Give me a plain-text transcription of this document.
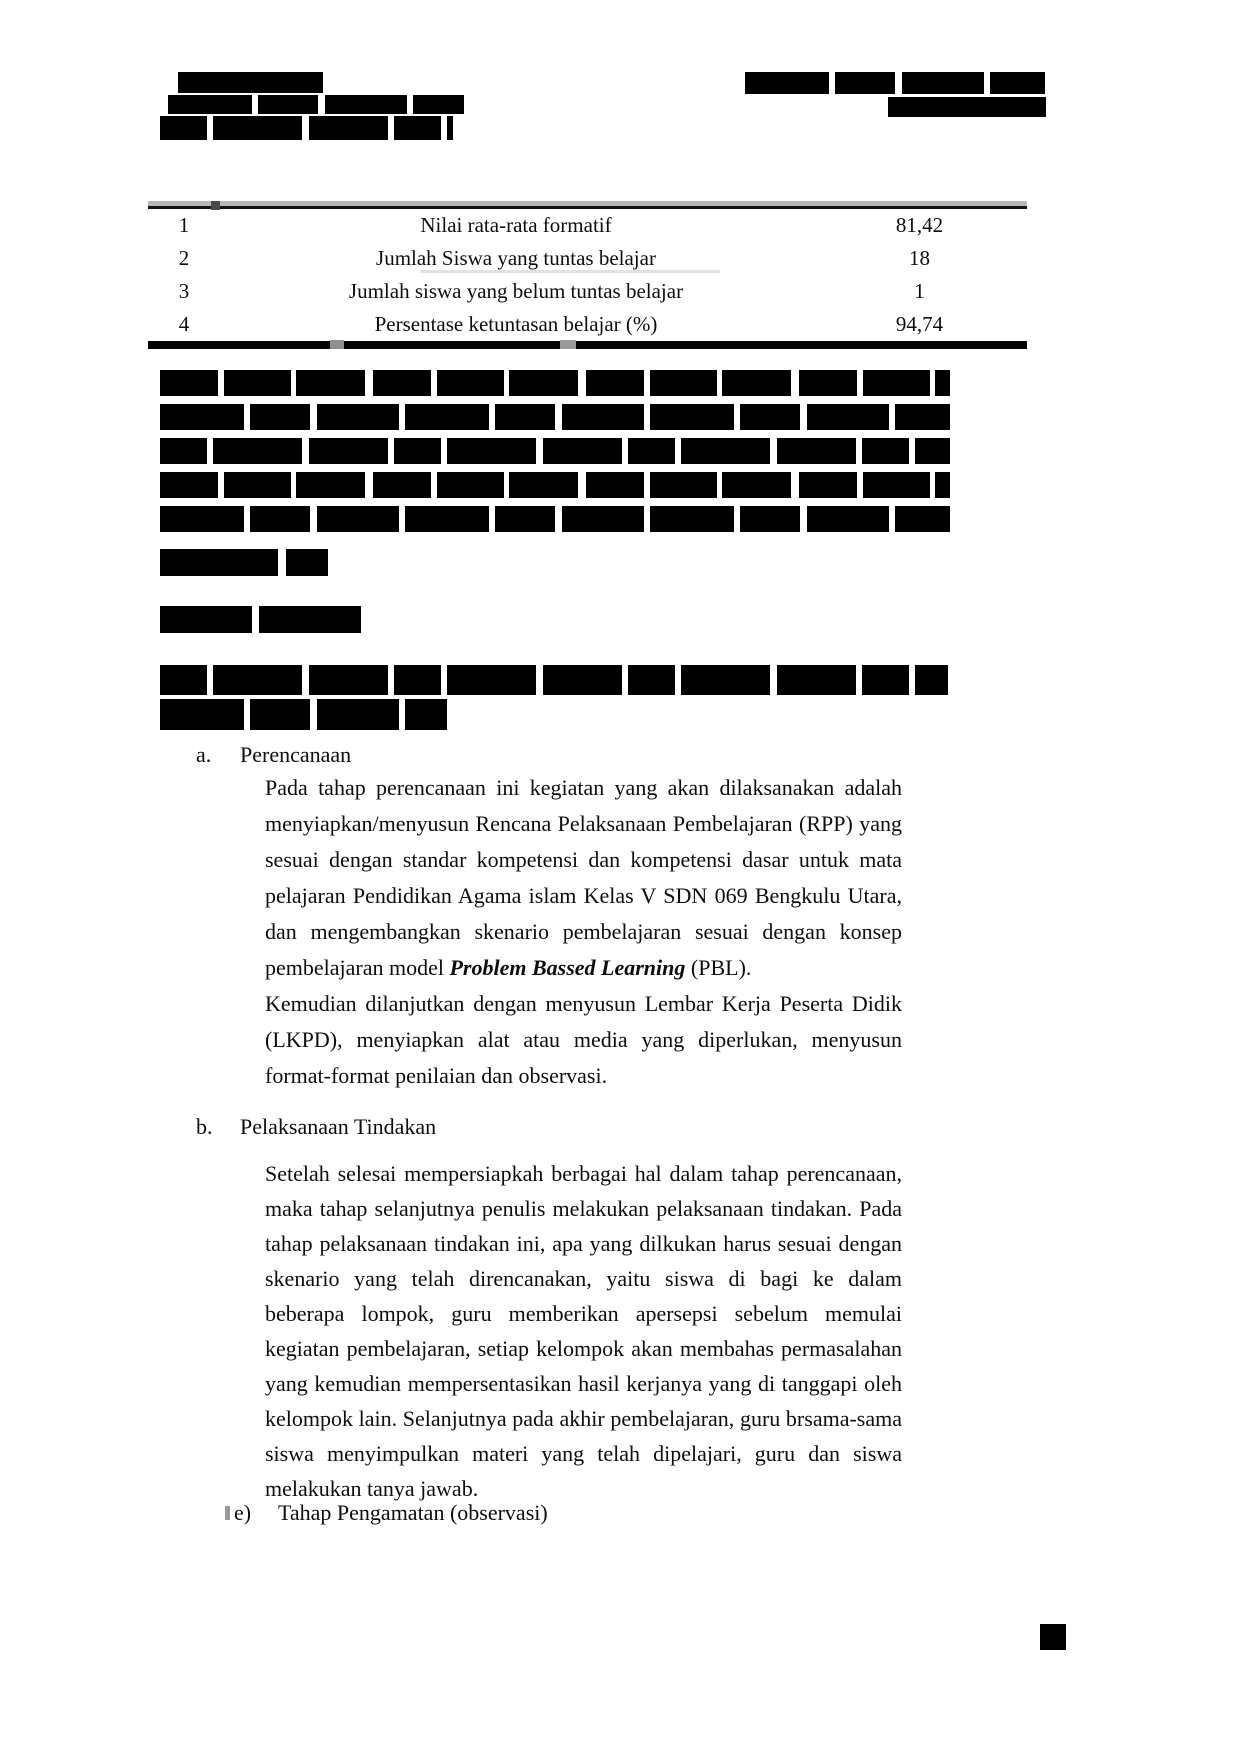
1	Nilai rata-rata formatif	81,42
2	Jumlah Siswa yang tuntas belajar	18
3	Jumlah siswa yang belum tuntas belajar	1
4	Persentase ketuntasan belajar (%)	94,74
a. Perencanaan

Pada tahap perencanaan ini kegiatan yang akan dilaksanakan adalah menyiapkan/menyusun Rencana Pelaksanaan Pembelajaran (RPP) yang sesuai dengan standar kompetensi dan kompetensi dasar untuk mata pelajaran Pendidikan Agama islam Kelas V SDN 069 Bengkulu Utara, dan mengembangkan skenario pembelajaran sesuai dengan konsep pembelajaran model Problem Bassed Learning (PBL).

Kemudian dilanjutkan dengan menyusun Lembar Kerja Peserta Didik (LKPD), menyiapkan alat atau media yang diperlukan, menyusun format-format penilaian dan observasi.

b. Pelaksanaan Tindakan
Setelah selesai mempersiapkah berbagai hal dalam tahap perencanaan, maka tahap selanjutnya penulis melakukan pelaksanaan tindakan. Pada tahap pelaksanaan tindakan ini, apa yang dilkukan harus sesuai dengan skenario yang telah direncanakan, yaitu siswa di bagi ke dalam beberapa lompok, guru memberikan apersepsi sebelum memulai kegiatan pembelajaran, setiap kelompok akan membahas permasalahan yang kemudian mempersentasikan hasil kerjanya yang di tanggapi oleh kelompok lain. Selanjutnya pada akhir pembelajaran, guru brsama-sama siswa menyimpulkan materi yang telah dipelajari, guru dan siswa melakukan tanya jawab.
e) Tahap Pengamatan (observasi)
